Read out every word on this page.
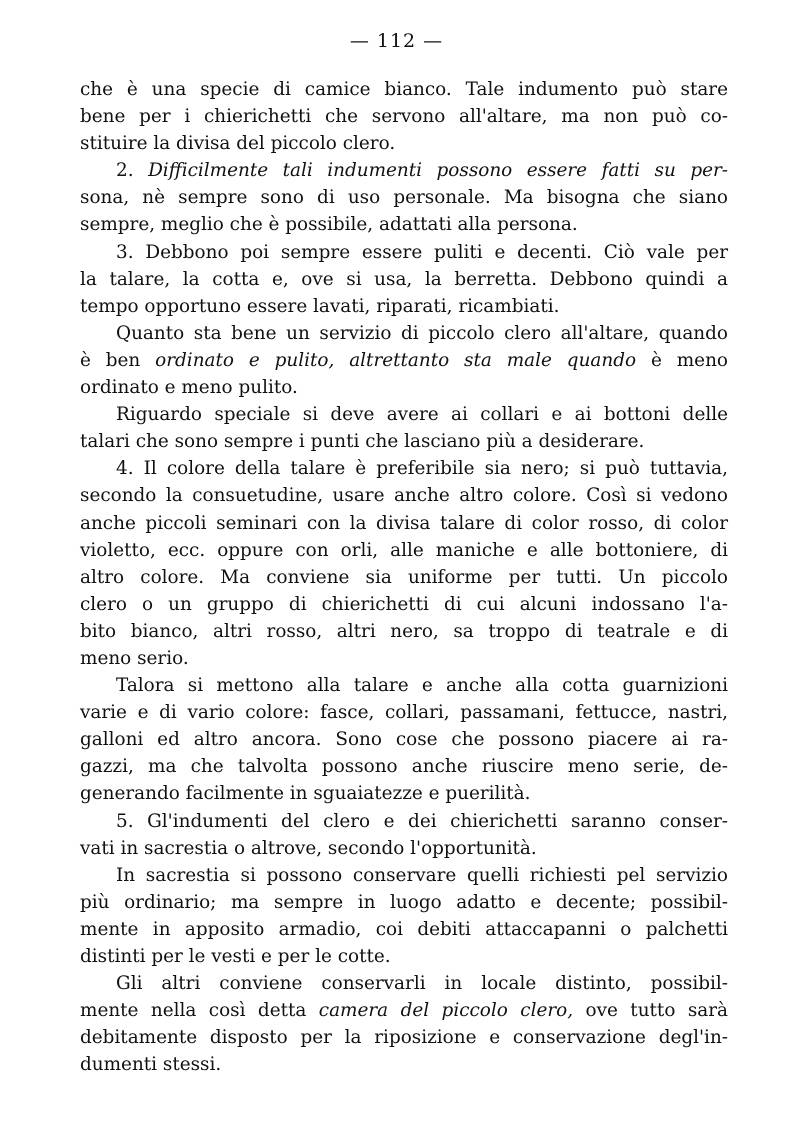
— 112 —
che è una specie di camice bianco. Tale indumento può stare
bene per i chierichetti che servono all'altare, ma non può co-
stituire la divisa del piccolo clero.
2. Difficilmente tali indumenti possono essere fatti su per-
sona, nè sempre sono di uso personale. Ma bisogna che siano
sempre, meglio che è possibile, adattati alla persona.
3. Debbono poi sempre essere puliti e decenti. Ciò vale per
la talare, la cotta e, ove si usa, la berretta. Debbono quindi a
tempo opportuno essere lavati, riparati, ricambiati.
Quanto sta bene un servizio di piccolo clero all'altare, quando
è ben ordinato e pulito, altrettanto sta male quando è meno
ordinato e meno pulito.
Riguardo speciale si deve avere ai collari e ai bottoni delle
talari che sono sempre i punti che lasciano più a desiderare.
4. Il colore della talare è preferibile sia nero; si può tuttavia,
secondo la consuetudine, usare anche altro colore. Così si vedono
anche piccoli seminari con la divisa talare di color rosso, di color
violetto, ecc. oppure con orli, alle maniche e alle bottoniere, di
altro colore. Ma conviene sia uniforme per tutti. Un piccolo
clero o un gruppo di chierichetti di cui alcuni indossano l'a-
bito bianco, altri rosso, altri nero, sa troppo di teatrale e di
meno serio.
Talora si mettono alla talare e anche alla cotta guarnizioni
varie e di vario colore: fasce, collari, passamani, fettucce, nastri,
galloni ed altro ancora. Sono cose che possono piacere ai ra-
gazzi, ma che talvolta possono anche riuscire meno serie, de-
generando facilmente in sguaiatezze e puerilità.
5. Gl'indumenti del clero e dei chierichetti saranno conser-
vati in sacrestia o altrove, secondo l'opportunità.
In sacrestia si possono conservare quelli richiesti pel servizio
più ordinario; ma sempre in luogo adatto e decente; possibil-
mente in apposito armadio, coi debiti attaccapanni o palchetti
distinti per le vesti e per le cotte.
Gli altri conviene conservarli in locale distinto, possibil-
mente nella così detta camera del piccolo clero, ove tutto sarà
debitamente disposto per la riposizione e conservazione degl'in-
dumenti stessi.
